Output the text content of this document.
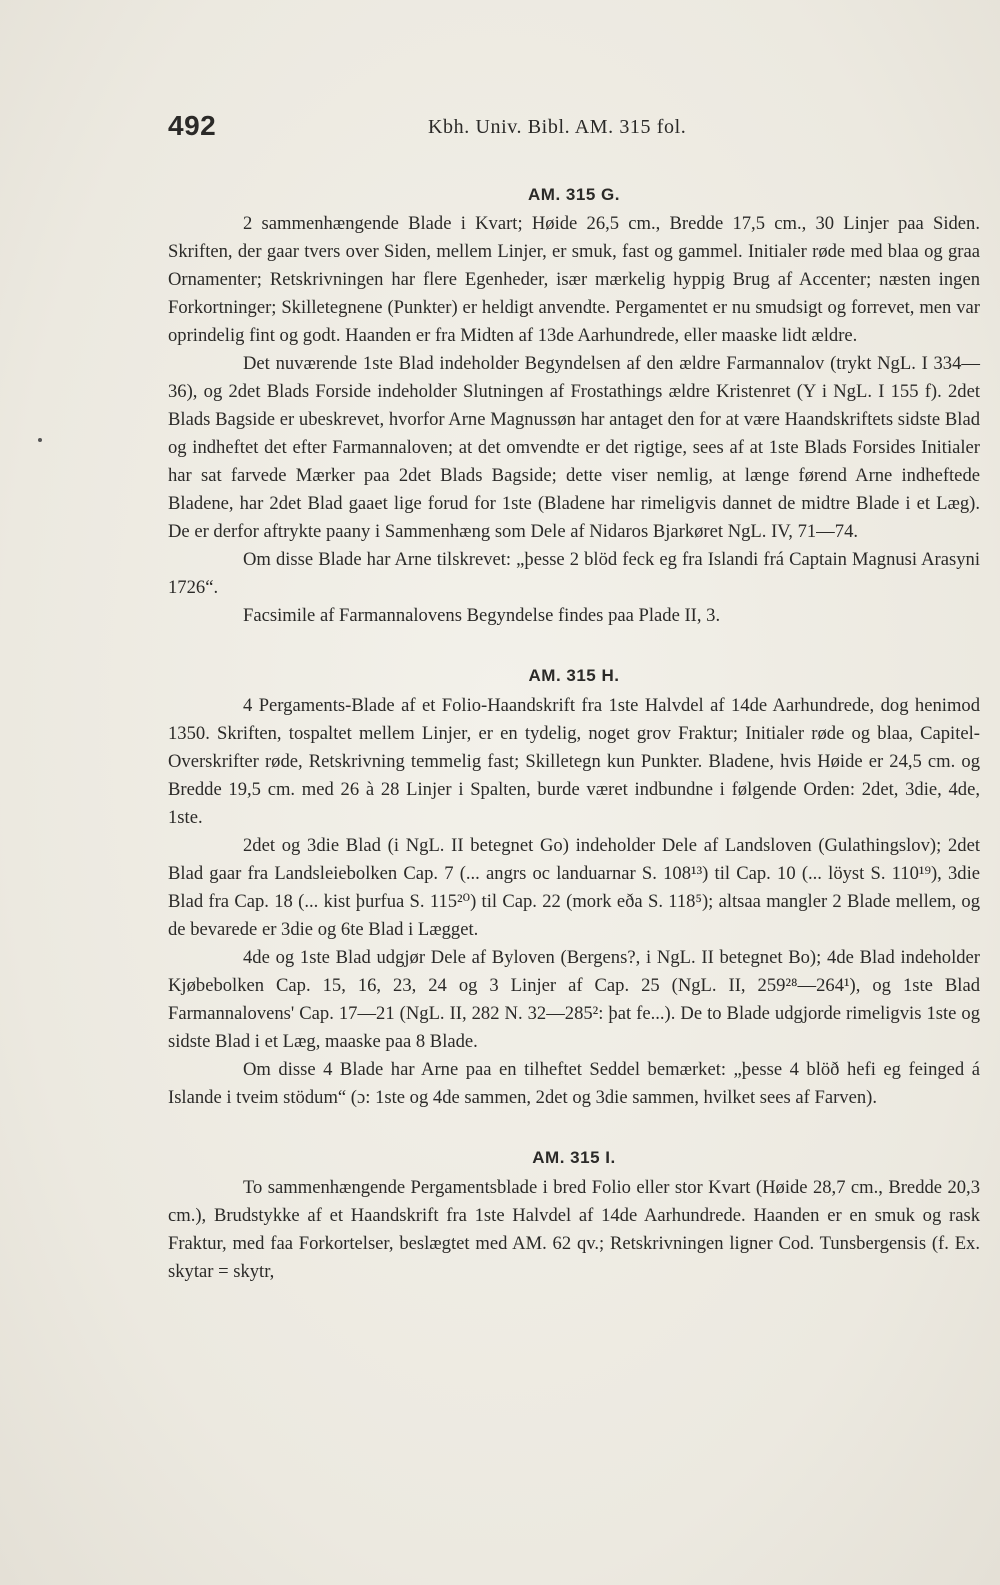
492	Kbh. Univ. Bibl. AM. 315 fol.
AM. 315 G.

2 sammenhængende Blade i Kvart; Høide 26,5 cm., Bredde 17,5 cm., 30 Linjer paa Siden. Skriften, der gaar tvers over Siden, mellem Linjer, er smuk, fast og gammel. Initialer røde med blaa og graa Ornamenter; Retskrivningen har flere Egenheder, især mærkelig hyppig Brug af Accenter; næsten ingen Forkortninger; Skilletegnene (Punkter) er heldigt anvendte. Pergamentet er nu smudsigt og forrevet, men var oprindelig fint og godt. Haanden er fra Midten af 13de Aarhundrede, eller maaske lidt ældre.

Det nuværende 1ste Blad indeholder Begyndelsen af den ældre Farmannalov (trykt NgL. I 334—36), og 2det Blads Forside indeholder Slutningen af Frostathings ældre Kristenret (Y i NgL. I 155 f). 2det Blads Bagside er ubeskrevet, hvorfor Arne Magnussøn har antaget den for at være Haandskriftets sidste Blad og indheftet det efter Farmannaloven; at det omvendte er det rigtige, sees af at 1ste Blads Forsides Initialer har sat farvede Mærker paa 2det Blads Bagside; dette viser nemlig, at længe førend Arne indheftede Bladene, har 2det Blad gaaet lige forud for 1ste (Bladene har rimeligvis dannet de midtre Blade i et Læg). De er derfor aftrykte paany i Sammenhæng som Dele af Nidaros Bjarkøret NgL. IV, 71—74.

Om disse Blade har Arne tilskrevet: „þesse 2 blöd feck eg fra Islandi frá Captain Magnusi Arasyni 1726“.

Facsimile af Farmannalovens Begyndelse findes paa Plade II, 3.

AM. 315 H.

4 Pergaments-Blade af et Folio-Haandskrift fra 1ste Halvdel af 14de Aarhundrede, dog henimod 1350. Skriften, tospaltet mellem Linjer, er en tydelig, noget grov Fraktur; Initialer røde og blaa, Capitel-Overskrifter røde, Retskrivning temmelig fast; Skilletegn kun Punkter. Bladene, hvis Høide er 24,5 cm. og Bredde 19,5 cm. med 26 à 28 Linjer i Spalten, burde været indbundne i følgende Orden: 2det, 3die, 4de, 1ste.

2det og 3die Blad (i NgL. II betegnet Go) indeholder Dele af Landsloven (Gulathingslov); 2det Blad gaar fra Landsleiebolken Cap. 7 (... angrs oc landuarnar S. 108¹³) til Cap. 10 (... löyst S. 110¹⁹), 3die Blad fra Cap. 18 (... kist þurfua S. 115²⁰) til Cap. 22 (mork eða S. 118⁵); altsaa mangler 2 Blade mellem, og de bevarede er 3die og 6te Blad i Lægget.

4de og 1ste Blad udgjør Dele af Byloven (Bergens?, i NgL. II betegnet Bo); 4de Blad indeholder Kjøbebolken Cap. 15, 16, 23, 24 og 3 Linjer af Cap. 25 (NgL. II, 259²⁸—264¹), og 1ste Blad Farmannalovens' Cap. 17—21 (NgL. II, 282 N. 32—285²: þat fe...). De to Blade udgjorde rimeligvis 1ste og sidste Blad i et Læg, maaske paa 8 Blade.

Om disse 4 Blade har Arne paa en tilheftet Seddel bemærket: „þesse 4 blöð hefi eg feinged á Islande i tveim stödum“ (ɔ: 1ste og 4de sammen, 2det og 3die sammen, hvilket sees af Farven).

AM. 315 I.

To sammenhængende Pergamentsblade i bred Folio eller stor Kvart (Høide 28,7 cm., Bredde 20,3 cm.), Brudstykke af et Haandskrift fra 1ste Halvdel af 14de Aarhundrede. Haanden er en smuk og rask Fraktur, med faa Forkortelser, beslægtet med AM. 62 qv.; Retskrivningen ligner Cod. Tunsbergensis (f. Ex. skytar = skytr,
